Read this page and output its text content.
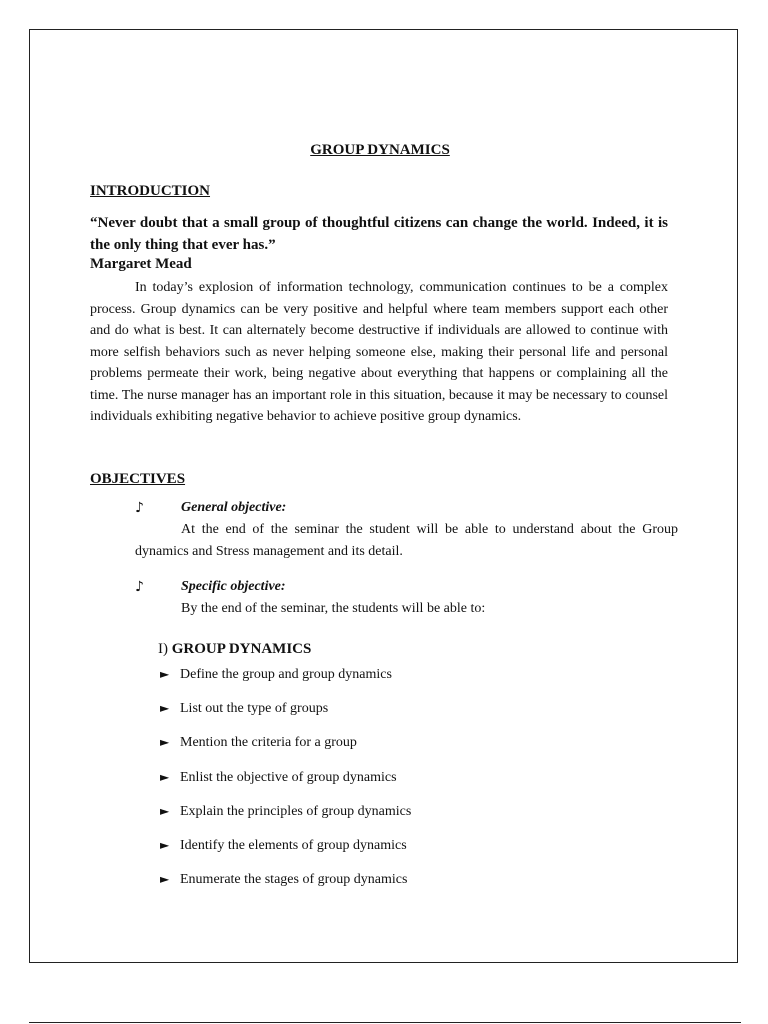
GROUP DYNAMICS
INTRODUCTION

“Never doubt that a small group of thoughtful citizens can change the world. Indeed, it is the only thing that ever has.”

Margaret Mead

In today’s explosion of information technology, communication continues to be a complex process. Group dynamics can be very positive and helpful where team members support each other and do what is best. It can alternately become destructive if individuals are allowed to continue with more selfish behaviors such as never helping someone else, making their personal life and personal problems permeate their work, being negative about everything that happens or complaining all the time. The nurse manager has an important role in this situation, because it may be necessary to counsel individuals exhibiting negative behavior to achieve positive group dynamics.

OBJECTIVES
♪	General objective:

At the end of the seminar the student will be able to understand about the Group dynamics and Stress management and its detail.

♪	Specific objective:

By the end of the seminar, the students will be able to:

I) GROUP DYNAMICS
► Define the group and group dynamics
► List out the type of groups
► Mention the criteria for a group
► Enlist the objective of group dynamics
► Explain the principles of group dynamics
► Identify the elements of group dynamics
► Enumerate the stages of group dynamics
